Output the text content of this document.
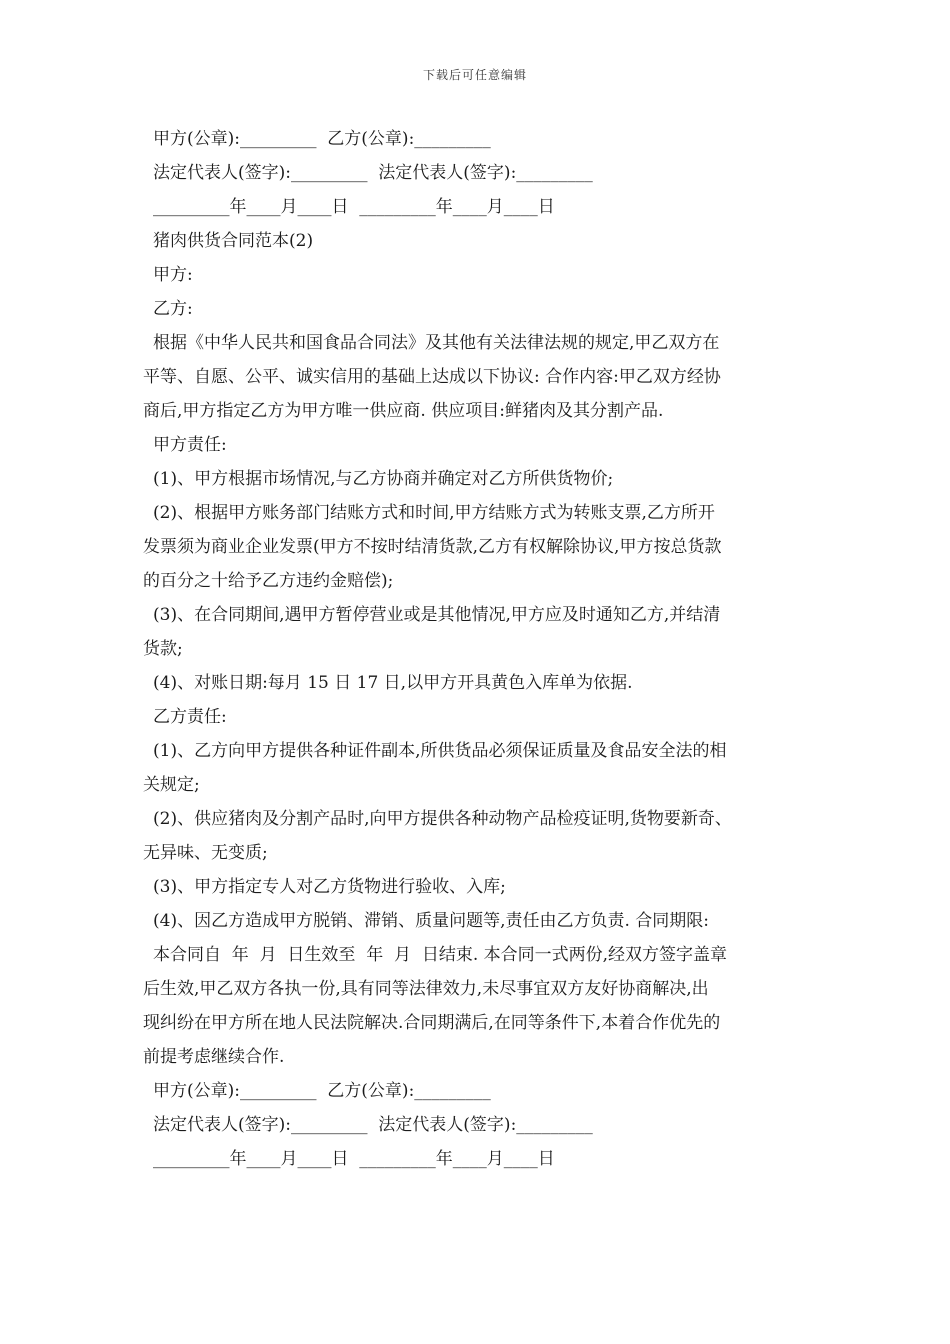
下载后可任意编辑
甲方(公章):_________  乙方(公章):_________
法定代表人(签字):_________  法定代表人(签字):_________
_________年____月____日  _________年____月____日
猪肉供货合同范本(2)
甲方:
乙方:
根据《中华人民共和国食品合同法》及其他有关法律法规的规定,甲乙双方在
平等、自愿、公平、诚实信用的基础上达成以下协议: 合作内容:甲乙双方经协
商后,甲方指定乙方为甲方唯一供应商. 供应项目:鲜猪肉及其分割产品.
甲方责任:
(1)、甲方根据市场情况,与乙方协商并确定对乙方所供货物价;
(2)、根据甲方账务部门结账方式和时间,甲方结账方式为转账支票,乙方所开
发票须为商业企业发票(甲方不按时结清货款,乙方有权解除协议,甲方按总货款
的百分之十给予乙方违约金赔偿);
(3)、在合同期间,遇甲方暂停营业或是其他情况,甲方应及时通知乙方,并结清
货款;
(4)、对账日期:每月 15 日 17 日,以甲方开具黄色入库单为依据.
乙方责任:
(1)、乙方向甲方提供各种证件副本,所供货品必须保证质量及食品安全法的相
关规定;
(2)、供应猪肉及分割产品时,向甲方提供各种动物产品检疫证明,货物要新奇、
无异味、无变质;
(3)、甲方指定专人对乙方货物进行验收、入库;
(4)、因乙方造成甲方脱销、滞销、质量问题等,责任由乙方负责. 合同期限:
本合同自  年  月  日生效至  年  月  日结束. 本合同一式两份,经双方签字盖章
后生效,甲乙双方各执一份,具有同等法律效力,未尽事宜双方友好协商解决,出
现纠纷在甲方所在地人民法院解决.合同期满后,在同等条件下,本着合作优先的
前提考虑继续合作.
甲方(公章):_________  乙方(公章):_________
法定代表人(签字):_________  法定代表人(签字):_________
_________年____月____日  _________年____月____日
